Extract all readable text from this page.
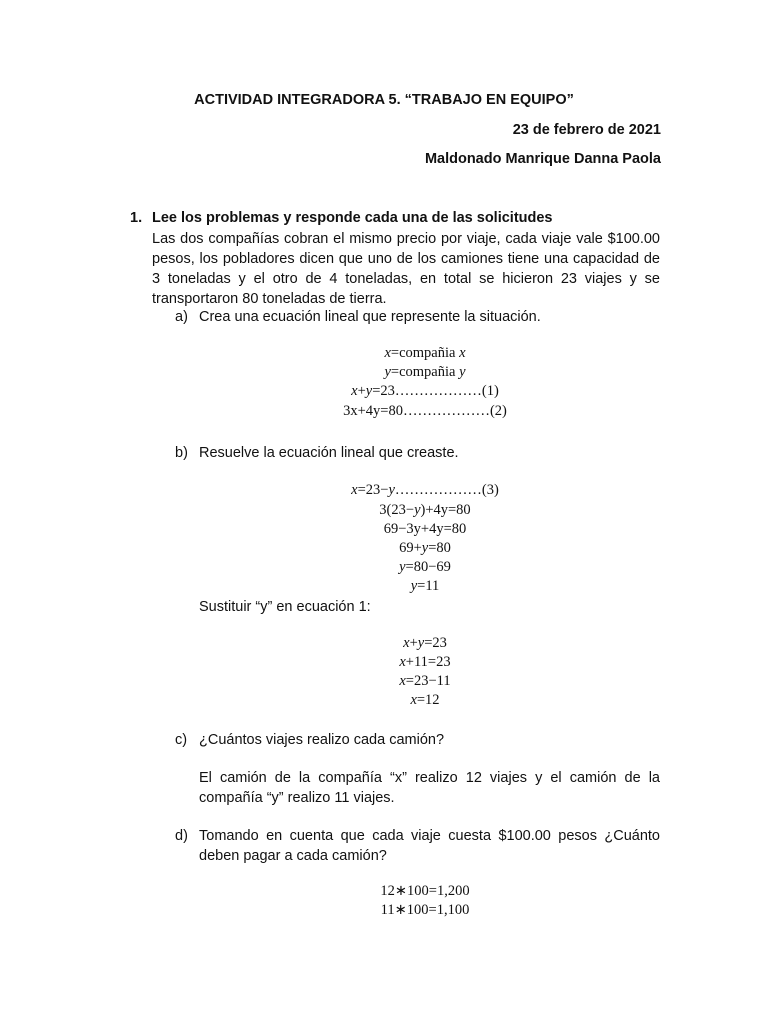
ACTIVIDAD INTEGRADORA 5. “TRABAJO EN EQUIPO”
23 de febrero de 2021
Maldonado Manrique Danna Paola
1. Lee los problemas y responde cada una de las solicitudes
Las dos compañías cobran el mismo precio por viaje, cada viaje vale $100.00 pesos, los pobladores dicen que uno de los camiones tiene una capacidad de 3 toneladas y el otro de 4 toneladas, en total se hicieron 23 viajes y se transportaron 80 toneladas de tierra.
a) Crea una ecuación lineal que represente la situación.
x=compañia x
y=compañia y
x+y=23………………(1)
3x+4y=80………………(2)
b) Resuelve la ecuación lineal que creaste.
x=23−y………………(3)
3(23−y)+4y=80
69−3y+4y=80
69+y=80
y=80−69
y=11
Sustituir “y” en ecuación 1:
x+y=23
x+11=23
x=23−11
x=12
c) ¿Cuántos viajes realizo cada camión?
El camión de la compañía “x” realizo 12 viajes y el camión de la compañía “y” realizo 11 viajes.
d) Tomando en cuenta que cada viaje cuesta $100.00 pesos ¿Cuánto deben pagar a cada camión?
12∗100=1,200
11∗100=1,100
